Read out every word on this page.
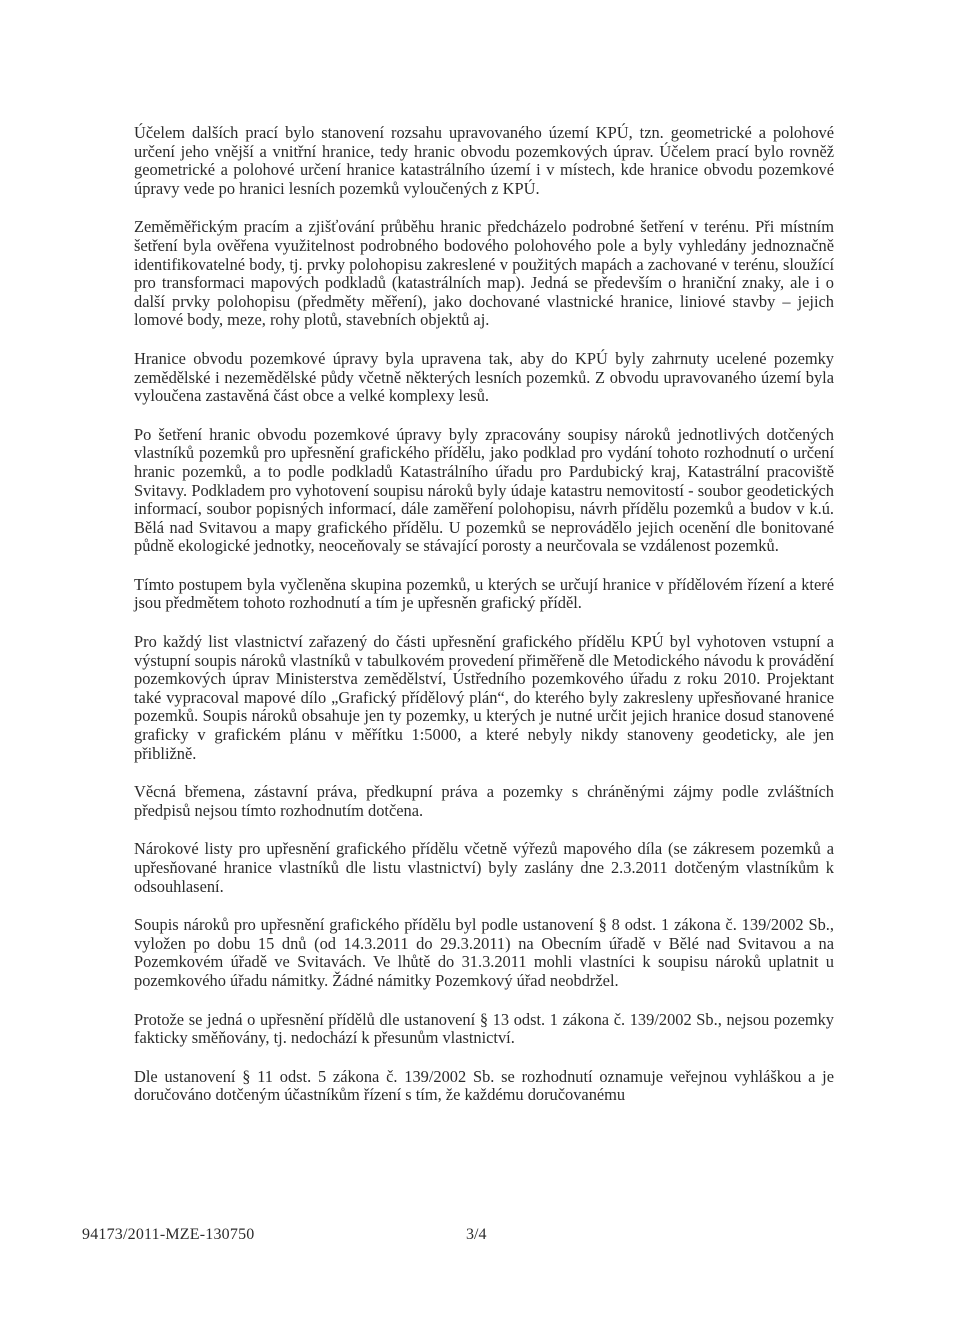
Účelem dalších prací bylo stanovení rozsahu upravovaného území KPÚ, tzn. geometrické a polohové určení jeho vnější a vnitřní hranice, tedy hranic obvodu pozemkových úprav. Účelem prací bylo rovněž geometrické a polohové určení hranice katastrálního území i v místech, kde hranice obvodu pozemkové úpravy vede po hranici lesních pozemků vyloučených z KPÚ.

Zeměměřickým pracím a zjišťování průběhu hranic předcházelo podrobné šetření v terénu. Při místním šetření byla ověřena využitelnost podrobného bodového polohového pole a byly vyhledány jednoznačně identifikovatelné body, tj. prvky polohopisu zakreslené v použitých mapách a zachované v terénu, sloužící pro transformaci mapových podkladů (katastrálních map). Jedná se především o hraniční znaky, ale i o další prvky polohopisu (předměty měření), jako dochované vlastnické hranice, liniové stavby – jejich lomové body, meze, rohy plotů, stavebních objektů aj.

Hranice obvodu pozemkové úpravy byla upravena tak, aby do KPÚ byly zahrnuty ucelené pozemky zemědělské i nezemědělské půdy včetně některých lesních pozemků. Z obvodu upravovaného území byla vyloučena zastavěná část obce a velké komplexy lesů.

Po šetření hranic obvodu pozemkové úpravy byly zpracovány soupisy nároků jednotlivých dotčených vlastníků pozemků pro upřesnění grafického přídělu, jako podklad pro vydání tohoto rozhodnutí o určení hranic pozemků, a to podle podkladů Katastrálního úřadu pro Pardubický kraj, Katastrální pracoviště Svitavy. Podkladem pro vyhotovení soupisu nároků byly údaje katastru nemovitostí - soubor geodetických informací, soubor popisných informací, dále zaměření polohopisu, návrh přídělu pozemků a budov v k.ú. Bělá nad Svitavou a mapy grafického přídělu. U pozemků se neprovádělo jejich ocenění dle bonitované půdně ekologické jednotky, neoceňovaly se stávající porosty a neurčovala se vzdálenost pozemků.

Tímto postupem byla vyčleněna skupina pozemků, u kterých se určují hranice v přídělovém řízení a které jsou předmětem tohoto rozhodnutí a tím je upřesněn grafický příděl.

Pro každý list vlastnictví zařazený do části upřesnění grafického přídělu KPÚ byl vyhotoven vstupní a výstupní soupis nároků vlastníků v tabulkovém provedení přiměřeně dle Metodického návodu k provádění pozemkových úprav Ministerstva zemědělství, Ústředního pozemkového úřadu z roku 2010. Projektant také vypracoval mapové dílo „Grafický přídělový plán“, do kterého byly zakresleny upřesňované hranice pozemků. Soupis nároků obsahuje jen ty pozemky, u kterých je nutné určit jejich hranice dosud stanovené graficky v grafickém plánu v měřítku 1:5000, a které nebyly nikdy stanoveny geodeticky, ale jen přibližně.

Věcná břemena, zástavní práva, předkupní práva a pozemky s chráněnými zájmy podle zvláštních předpisů nejsou tímto rozhodnutím dotčena.

Nárokové listy pro upřesnění grafického přídělu včetně výřezů mapového díla (se zákresem pozemků a upřesňované hranice vlastníků dle listu vlastnictví) byly zaslány dne 2.3.2011 dotčeným vlastníkům k odsouhlasení.

Soupis nároků pro upřesnění grafického přídělu byl podle ustanovení § 8 odst. 1 zákona č. 139/2002 Sb., vyložen po dobu 15 dnů (od 14.3.2011 do 29.3.2011) na Obecním úřadě v Bělé nad Svitavou a na Pozemkovém úřadě ve Svitavách. Ve lhůtě do 31.3.2011 mohli vlastníci k soupisu nároků uplatnit u pozemkového úřadu námitky. Žádné námitky Pozemkový úřad neobdržel.

Protože se jedná o upřesnění přídělů dle ustanovení § 13 odst. 1 zákona č. 139/2002 Sb., nejsou pozemky fakticky směňovány, tj. nedochází k přesunům vlastnictví.

Dle ustanovení § 11 odst. 5 zákona č. 139/2002 Sb. se rozhodnutí oznamuje veřejnou vyhláškou a je doručováno dotčeným účastníkům řízení s tím, že každému doručovanému

94173/2011-MZE-130750	3/4
